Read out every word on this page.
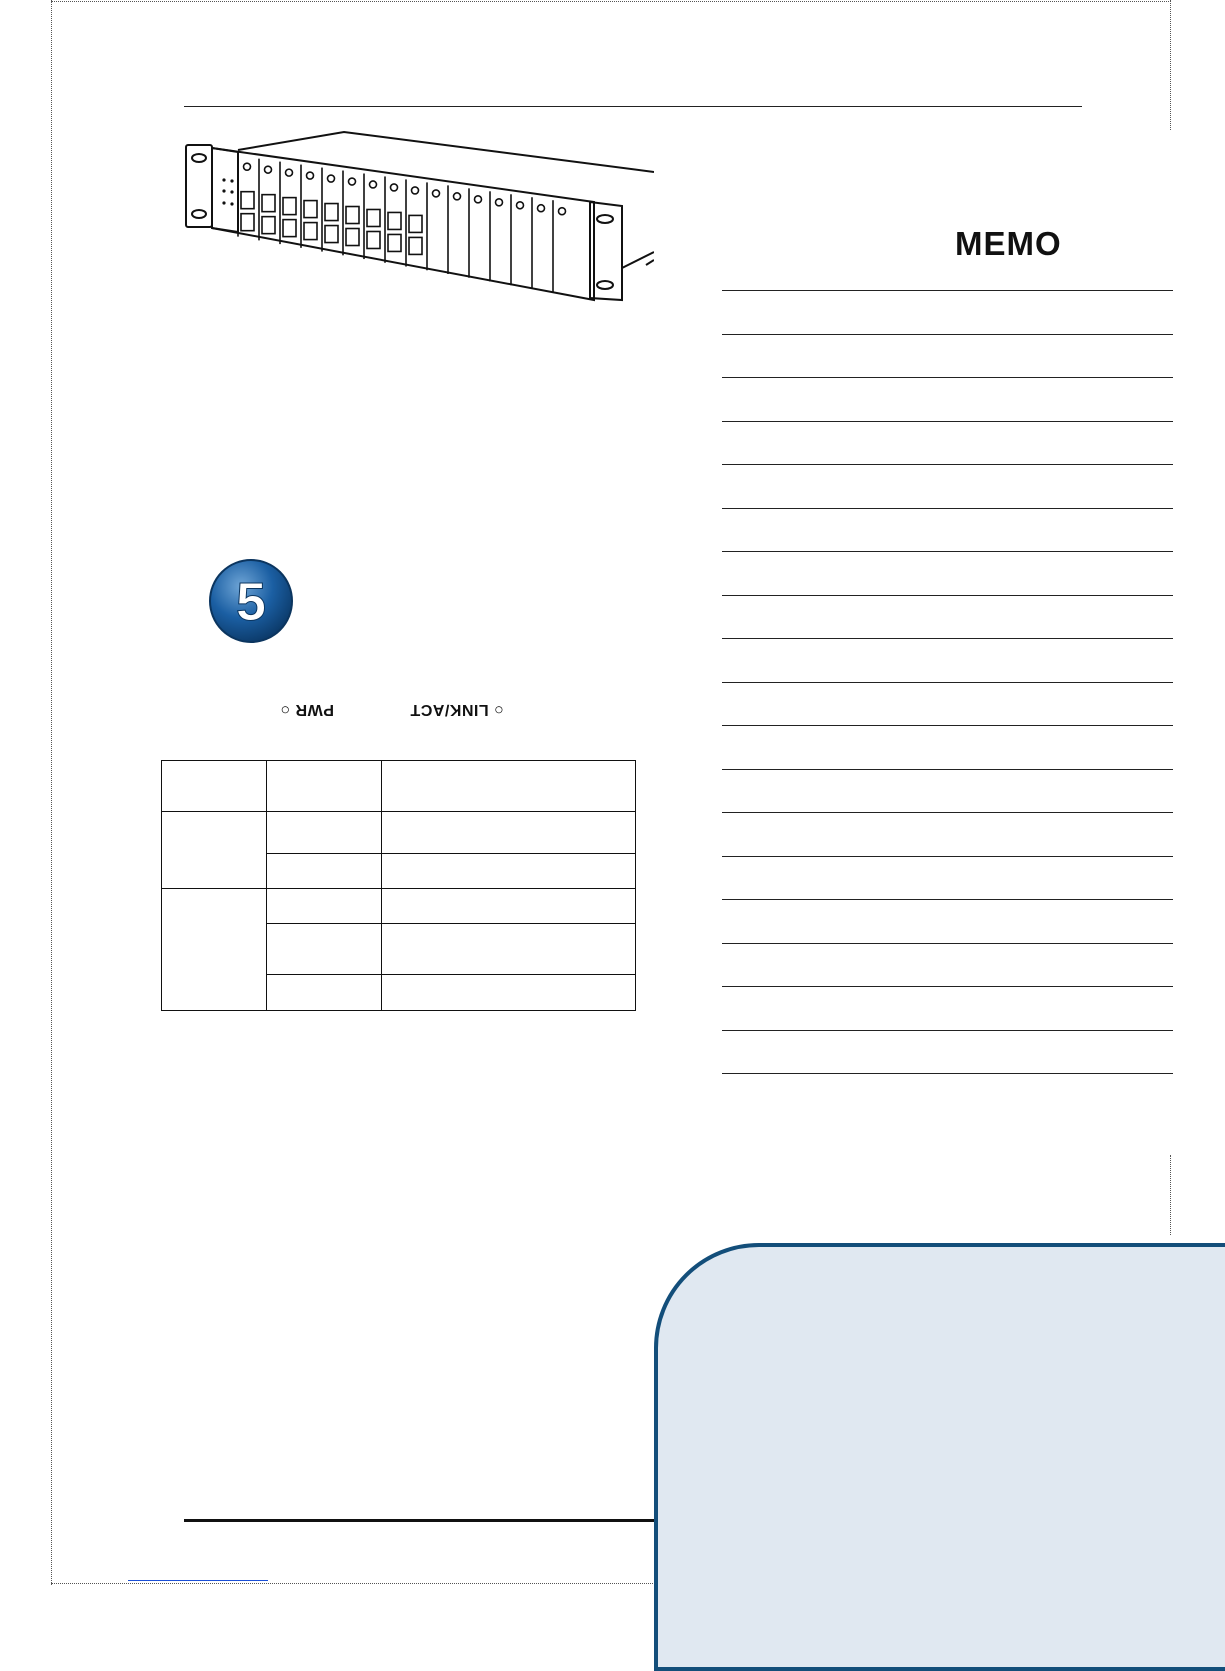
5
PWR ○	○ LINK/ACT

MEMO
